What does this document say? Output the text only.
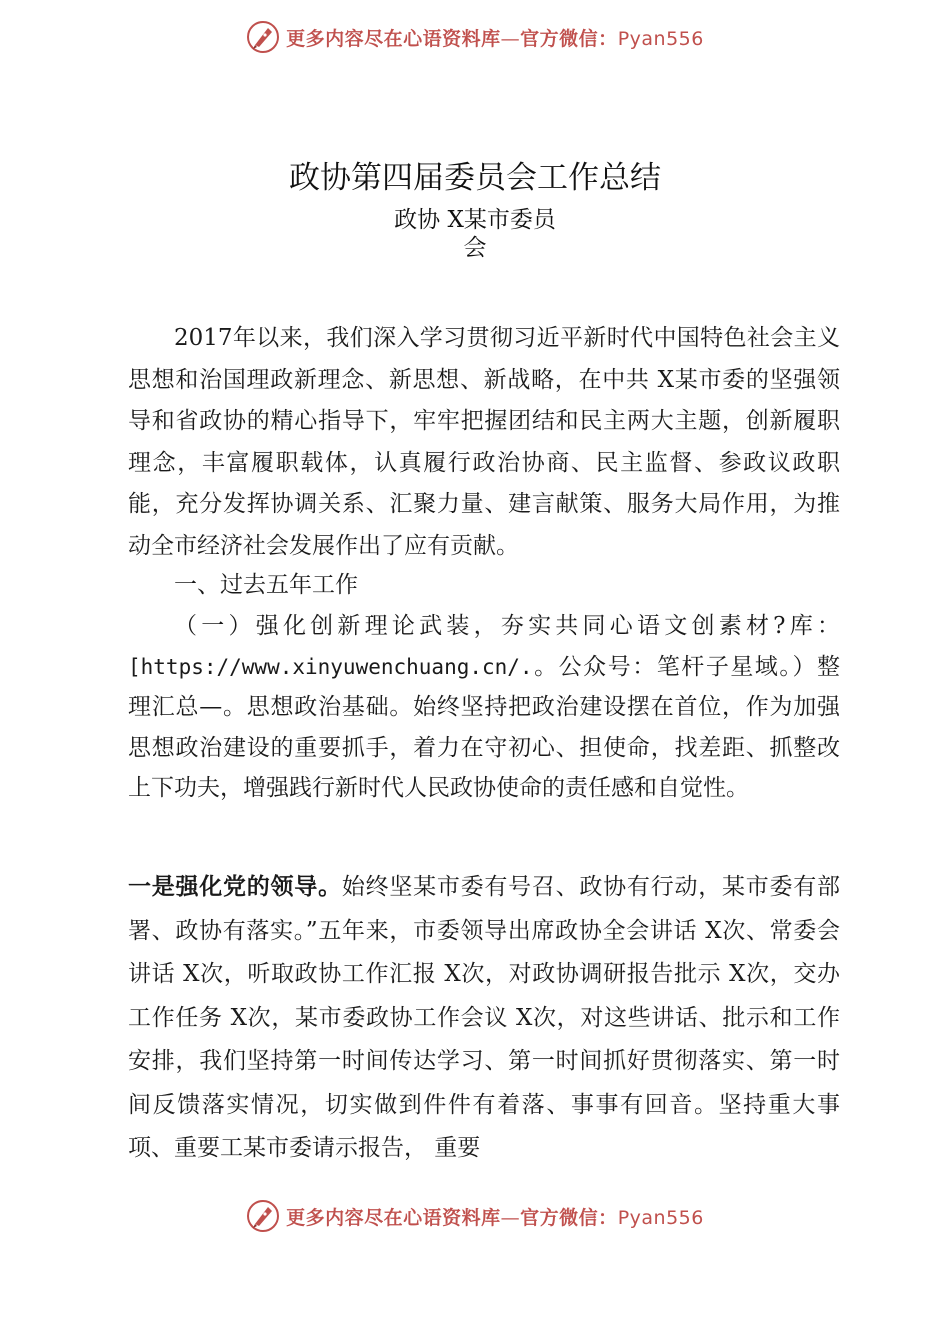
更多内容尽在心语资料库—官方微信：Pyan556
政协第四届委员会工作总结
政协 X某市委员
会
2017年以来，我们深入学习贯彻习近平新时代中国特色社会主义思想和治国理政新理念、新思想、新战略，在中共 X某市委的坚强领导和省政协的精心指导下，牢牢把握团结和民主两大主题，创新履职理念，丰富履职载体，认真履行政治协商、民主监督、参政议政职能，充分发挥协调关系、汇聚力量、建言献策、服务大局作用，为推动全市经济社会发展作出了应有贡献。
一、过去五年工作
（一）强化创新理论武装，夯实共同心语文创素材?库：[https://www.xinyuwenchuang.cn/.。公众号：笔杆子星域。）整理汇总—。思想政治基础。始终坚持把政治建设摆在首位，作为加强思想政治建设的重要抓手，着力在守初心、担使命，找差距、抓整改上下功夫，增强践行新时代人民政协使命的责任感和自觉性。
一是强化党的领导。始终坚某市委有号召、政协有行动，某市委有部署、政协有落实。”五年来，市委领导出席政协全会讲话 X次、常委会讲话 X次，听取政协工作汇报 X次，对政协调研报告批示 X次，交办工作任务 X次，某市委政协工作会议 X次，对这些讲话、批示和工作安排，我们坚持第一时间传达学习、第一时间抓好贯彻落实、第一时间反馈落实情况，切实做到件件有着落、事事有回音。坚持重大事项、重要工某市委请示报告， 重要
更多内容尽在心语资料库—官方微信：Pyan556
